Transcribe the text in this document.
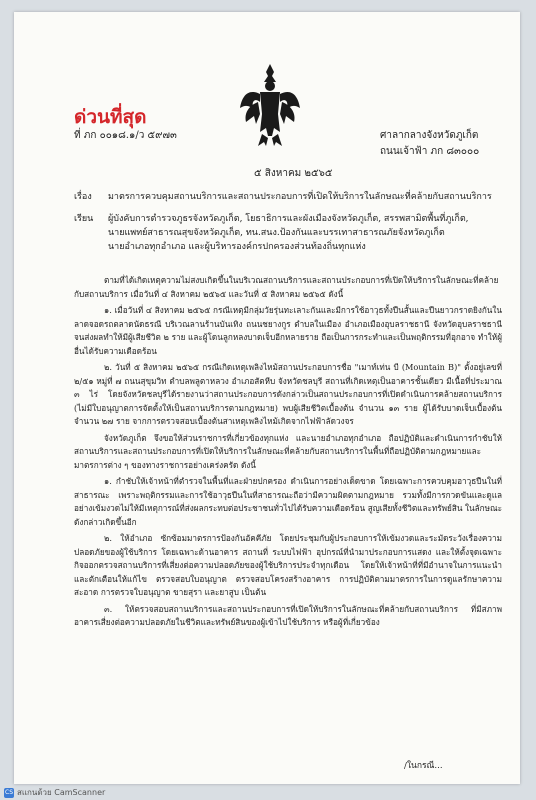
ด่วนที่สุด
ที่ ภก ๐๐๑๘.๑/ว ๕๙๗๓	ศาลากลางจังหวัดภูเก็ต
ถนนเจ้าฟ้า ภก ๘๓๐๐๐
๕ สิงหาคม ๒๕๖๕
เรื่อง มาตรการควบคุมสถานบริการและสถานประกอบการที่เปิดให้บริการในลักษณะที่คล้ายกับสถานบริการ
เรียน ผู้บังคับการตำรวจภูธรจังหวัดภูเก็ต, โยธาธิการและผังเมืองจังหวัดภูเก็ต, สรรพสามิตพื้นที่ภูเก็ต,
นายแพทย์สาธารณสุขจังหวัดภูเก็ต, ทน.สนง.ป้องกันและบรรเทาสาธารณภัยจังหวัดภูเก็ต
นายอำเภอทุกอำเภอ และผู้บริหารองค์กรปกครองส่วนท้องถิ่นทุกแห่ง

ตามที่ได้เกิดเหตุความไม่สงบเกิดขึ้นในบริเวณสถานบริการและสถานประกอบการที่เปิดให้บริการในลักษณะที่คล้ายกับสถานบริการ เมื่อวันที่ ๔ สิงหาคม ๒๕๖๕ และวันที่ ๕ สิงหาคม ๒๕๖๕ ดังนี้

๑. เมื่อวันที่ ๔ สิงหาคม ๒๕๖๕ กรณีเหตุมีกลุ่มวัยรุ่นทะเลาะกันและมีการใช้อาวุธทั้งปืนสั้นและปืนยาวกราดยิงกันในลาดจอดรถตลาดนัดธรณี บริเวณลานร้านบันเทิง ถนนชยางกูร ตำบลในเมือง อำเภอเมืองอุบลราชธานี จังหวัดอุบลราชธานี จนส่งผลทำให้มีผู้เสียชีวิต ๒ ราย และผู้โดนลูกหลงบาดเจ็บอีกหลายราย ถือเป็นการกระทำและเป็นพฤติกรรมที่อุกอาจ ทำให้ผู้อื่นได้รับความเดือดร้อน

๒. วันที่ ๕ สิงหาคม ๒๕๖๕ กรณีเกิดเหตุเพลิงไหม้สถานประกอบการชื่อ "เมาท์เท่น บี (Mountain B)" ตั้งอยู่เลขที่ ๒/๕๑ หมู่ที่ ๗ ถนนสุขุมวิท ตำบลพลูตาหลวง อำเภอสัตหีบ จังหวัดชลบุรี สถานที่เกิดเหตุเป็นอาคารชั้นเดียว มีเนื้อที่ประมาณ ๓ ไร่ โดยจังหวัดชลบุรีได้รายงานว่าสถานประกอบการดังกล่าวเป็นสถานประกอบการที่เปิดดำเนินการคล้ายสถานบริการ (ไม่มีใบอนุญาตการจัดตั้งให้เป็นสถานบริการตามกฎหมาย) พบผู้เสียชีวิตเบื้องต้น จำนวน ๑๓ ราย ผู้ได้รับบาดเจ็บเบื้องต้น จำนวน ๒๗ ราย จากการตรวจสอบเบื้องต้นสาเหตุเพลิงไหม้เกิดจากไฟฟ้าลัดวงจร

จังหวัดภูเก็ต จึงขอให้ส่วนราชการที่เกี่ยวข้องทุกแห่ง และนายอำเภอทุกอำเภอ ถือปฏิบัติและดำเนินการกำชับให้สถานบริการและสถานประกอบการที่เปิดให้บริการในลักษณะที่คล้ายกับสถานบริการในพื้นที่ถือปฏิบัติตามกฎหมายและมาตรการต่าง ๆ ของทางราชการอย่างเคร่งครัด ดังนี้

๑. กำชับให้เจ้าหน้าที่ตำรวจในพื้นที่และฝ่ายปกครอง ดำเนินการอย่างเด็ดขาด โดยเฉพาะการควบคุมอาวุธปืนในที่สาธารณะ เพราะพฤติกรรมและการใช้อาวุธปืนในที่สาธารณะถือว่ามีความผิดตามกฎหมาย รวมทั้งมีการกวดขันและดูแลอย่างเข้มงวดไม่ให้มีเหตุการณ์ที่ส่งผลกระทบต่อประชาชนทั่วไปได้รับความเดือดร้อน สูญเสียทั้งชีวิตและทรัพย์สิน ในลักษณะดังกล่าวเกิดขึ้นอีก

๒. ให้อำเภอ ซักซ้อมมาตรการป้องกันอัคคีภัย โดยประชุมกับผู้ประกอบการให้เข้มงวดและระมัดระวังเรื่องความปลอดภัยของผู้ใช้บริการ โดยเฉพาะด้านอาคาร สถานที่ ระบบไฟฟ้า อุปกรณ์ที่นำมาประกอบการแสดง และให้ตั้งจุดเฉพาะกิจออกตรวจสถานบริการที่เสี่ยงต่อความปลอดภัยของผู้ใช้บริการประจำทุกเดือน โดยให้เจ้าหน้าที่ที่มีอำนาจในการแนะนำและตักเตือนให้แก้ไข ตรวจสอบใบอนุญาต ตรวจสอบโครงสร้างอาคาร การปฏิบัติตามมาตรการในการดูแลรักษาความสะอาด การตรวจใบอนุญาต ขายสุรา และยาสูบ เป็นต้น

๓. ให้ตรวจสอบสถานบริการและสถานประกอบการที่เปิดให้บริการในลักษณะที่คล้ายกับสถานบริการ ที่มีสภาพอาคารเสี่ยงต่อความปลอดภัยในชีวิตและทรัพย์สินของผู้เข้าไปใช้บริการ หรือผู้ที่เกี่ยวข้อง

/ในกรณี...
CS สแกนด้วย CamScanner
